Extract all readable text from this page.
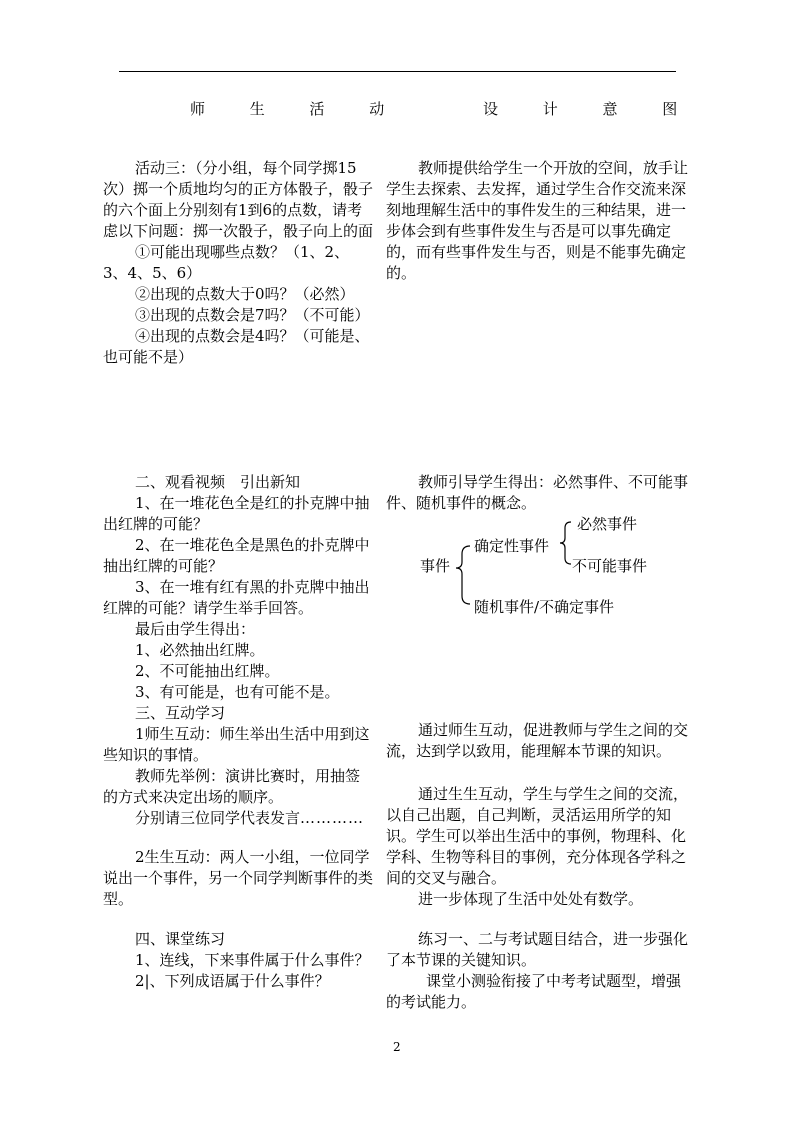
师 生 活 动	设 计 意 图

活动三：（分小组，每个同学掷15次）掷一个质地均匀的正方体骰子，骰子的六个面上分别刻有1到6的点数，请考虑以下问题：掷一次骰子，骰子向上的面

①可能出现哪些点数？（1、2、3、4、5、6）

②出现的点数大于0吗？（必然）

③出现的点数会是7吗？（不可能）

④出现的点数会是4吗？（可能是、也可能不是）

二、观看视频　引出新知

1、在一堆花色全是红的扑克牌中抽出红牌的可能？

2、在一堆花色全是黑色的扑克牌中抽出红牌的可能？

3、在一堆有红有黑的扑克牌中抽出红牌的可能？请学生举手回答。

最后由学生得出：

1、必然抽出红牌。

2、不可能抽出红牌。

3、有可能是，也有可能不是。

三、互动学习

1师生互动：师生举出生活中用到这些知识的事情。

教师先举例：演讲比赛时，用抽签的方式来决定出场的顺序。

分别请三位同学代表发言…………

2生生互动：两人一小组，一位同学说出一个事件，另一个同学判断事件的类型。

四、课堂练习

1、连线，下来事件属于什么事件？

2|、下列成语属于什么事件？

教师提供给学生一个开放的空间，放手让学生去探索、去发挥，通过学生合作交流来深刻地理解生活中的事件发生的三种结果，进一步体会到有些事件发生与否是可以事先确定的，而有些事件发生与否，则是不能事先确定的。

教师引导学生得出：必然事件、不可能事件、随机事件的概念。

事件
确定性事件
必然事件
不可能事件
随机事件/不确定事件

通过师生互动，促进教师与学生之间的交流，达到学以致用，能理解本节课的知识。

通过生生互动，学生与学生之间的交流，以自己出题，自己判断，灵活运用所学的知识。学生可以举出生活中的事例，物理科、化学科、生物等科目的事例，充分体现各学科之间的交叉与融合。

进一步体现了生活中处处有数学。

练习一、二与考试题目结合，进一步强化了本节课的关键知识。

课堂小测验衔接了中考考试题型，增强的考试能力。

2
